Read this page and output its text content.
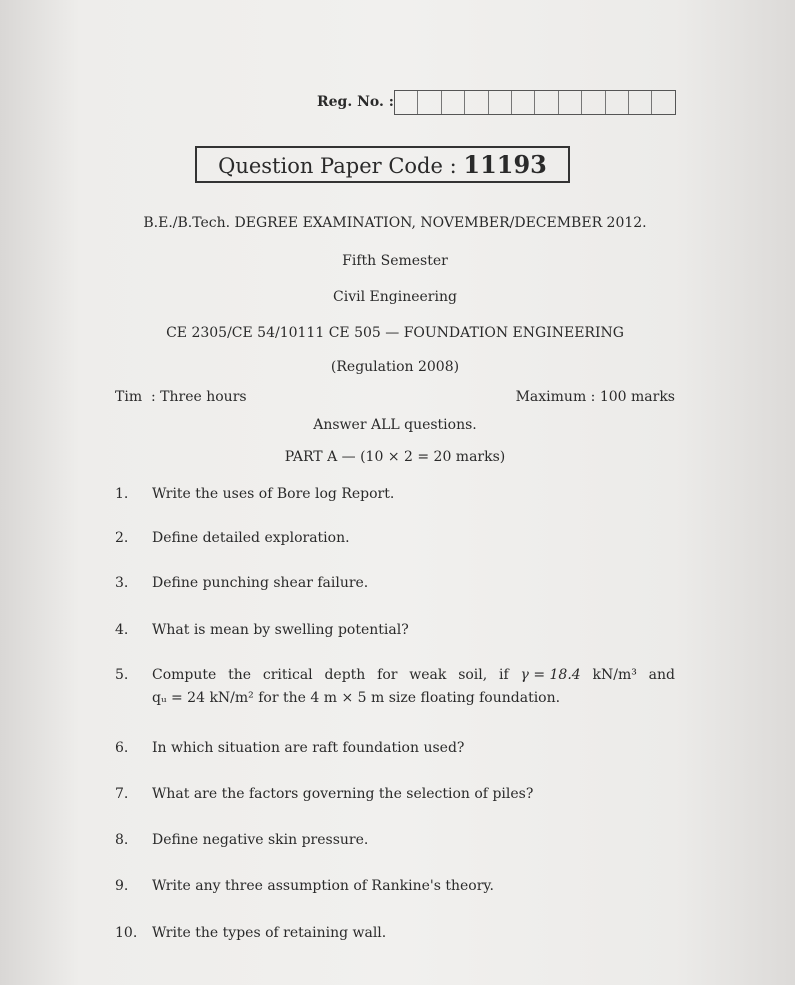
Reg. No. :
Question Paper Code : 11193
B.E./B.Tech. DEGREE EXAMINATION, NOVEMBER/DECEMBER 2012.
Fifth Semester
Civil Engineering
CE 2305/CE 54/10111 CE 505 — FOUNDATION ENGINEERING
(Regulation 2008)
Tim  : Three hours	Maximum : 100 marks
Answer ALL questions.
PART A — (10 × 2 = 20 marks)
1. Write the uses of Bore log Report.
2. Define detailed exploration.
3. Define punching shear failure.
4. What is mean by swelling potential?
5. Compute the critical depth for weak soil, if γ = 18.4 kN/m³ and
qᵤ = 24 kN/m² for the 4 m × 5 m size floating foundation.
6. In which situation are raft foundation used?
7. What are the factors governing the selection of piles?
8. Define negative skin pressure.
9. Write any three assumption of Rankine's theory.
10. Write the types of retaining wall.
